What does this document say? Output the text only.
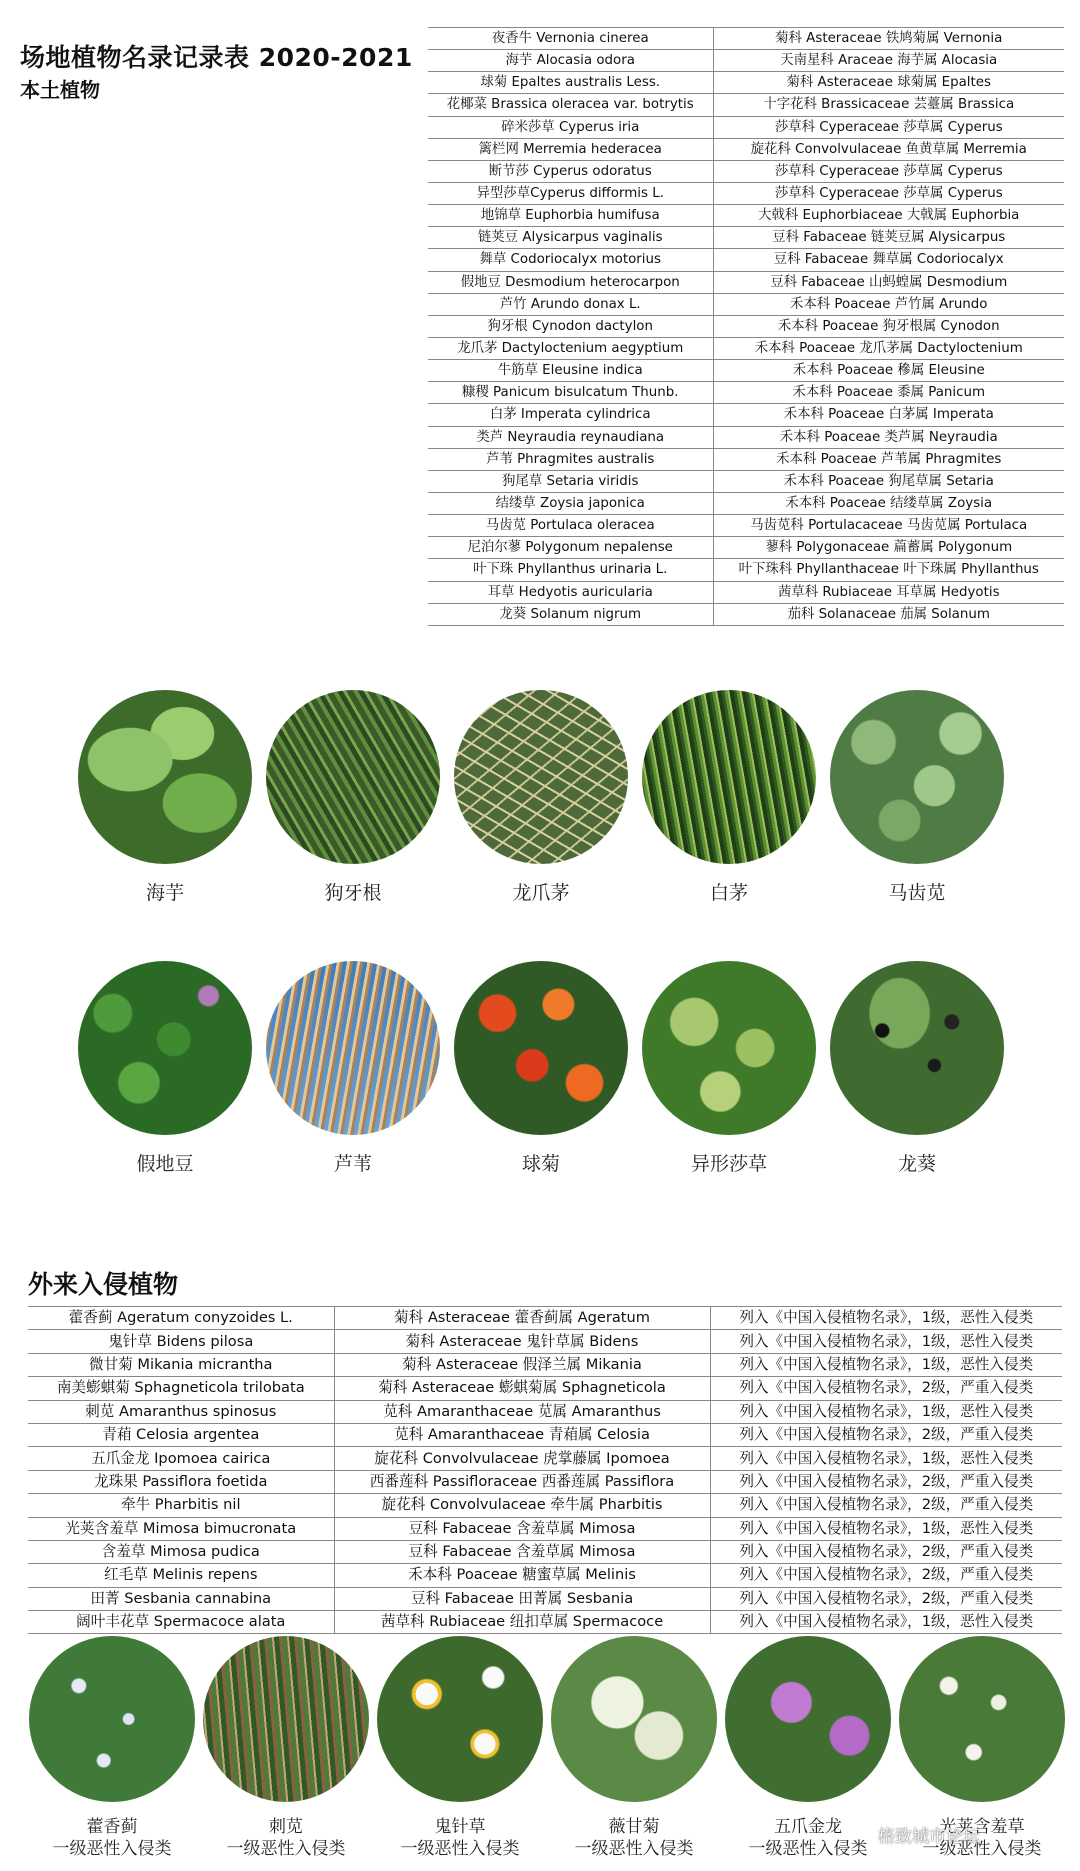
场地植物名录记录表 2020-2021
本土植物
夜香牛 Vernonia cinerea	菊科 Asteraceae 铁鸠菊属 Vernonia
海芋 Alocasia odora	天南星科 Araceae 海芋属 Alocasia
球菊 Epaltes australis Less.	菊科 Asteraceae 球菊属 Epaltes
花椰菜 Brassica oleracea var. botrytis	十字花科 Brassicaceae 芸薹属 Brassica
碎米莎草 Cyperus iria	莎草科 Cyperaceae 莎草属 Cyperus
篱栏网 Merremia hederacea	旋花科 Convolvulaceae 鱼黄草属 Merremia
断节莎 Cyperus odoratus	莎草科 Cyperaceae 莎草属 Cyperus
异型莎草Cyperus difformis L.	莎草科 Cyperaceae 莎草属 Cyperus
地锦草 Euphorbia humifusa	大戟科 Euphorbiaceae 大戟属 Euphorbia
链荚豆 Alysicarpus vaginalis	豆科 Fabaceae 链荚豆属 Alysicarpus
舞草 Codoriocalyx motorius	豆科 Fabaceae 舞草属 Codoriocalyx
假地豆 Desmodium heterocarpon	豆科 Fabaceae 山蚂蝗属 Desmodium
芦竹 Arundo donax L.	禾本科 Poaceae 芦竹属 Arundo
狗牙根 Cynodon dactylon	禾本科 Poaceae 狗牙根属 Cynodon
龙爪茅 Dactyloctenium aegyptium	禾本科 Poaceae 龙爪茅属 Dactyloctenium
牛筋草 Eleusine indica	禾本科 Poaceae 穇属 Eleusine
糠稷 Panicum bisulcatum Thunb.	禾本科 Poaceae 黍属 Panicum
白茅 Imperata cylindrica	禾本科 Poaceae 白茅属 Imperata
类芦 Neyraudia reynaudiana	禾本科 Poaceae 类芦属 Neyraudia
芦苇 Phragmites australis	禾本科 Poaceae 芦苇属 Phragmites
狗尾草 Setaria viridis	禾本科 Poaceae 狗尾草属 Setaria
结缕草 Zoysia japonica	禾本科 Poaceae 结缕草属 Zoysia
马齿苋 Portulaca oleracea	马齿苋科 Portulacaceae 马齿苋属 Portulaca
尼泊尔蓼 Polygonum nepalense	蓼科 Polygonaceae 萹蓄属 Polygonum
叶下珠 Phyllanthus urinaria L.	叶下珠科 Phyllanthaceae 叶下珠属 Phyllanthus
耳草 Hedyotis auricularia	茜草科 Rubiaceae 耳草属 Hedyotis
龙葵 Solanum nigrum	茄科 Solanaceae 茄属 Solanum
海芋	狗牙根	龙爪茅	白茅	马齿苋
假地豆	芦苇	球菊	异形莎草	龙葵
外来入侵植物
藿香蓟 Ageratum conyzoides L.	菊科 Asteraceae 藿香蓟属 Ageratum	列入《中国入侵植物名录》，1级，恶性入侵类
鬼针草 Bidens pilosa	菊科 Asteraceae 鬼针草属 Bidens	列入《中国入侵植物名录》，1级，恶性入侵类
微甘菊 Mikania micrantha	菊科 Asteraceae 假泽兰属 Mikania	列入《中国入侵植物名录》，1级，恶性入侵类
南美蟛蜞菊 Sphagneticola trilobata	菊科 Asteraceae 蟛蜞菊属 Sphagneticola	列入《中国入侵植物名录》，2级，严重入侵类
刺苋 Amaranthus spinosus	苋科 Amaranthaceae 苋属 Amaranthus	列入《中国入侵植物名录》，1级，恶性入侵类
青葙 Celosia argentea	苋科 Amaranthaceae 青葙属 Celosia	列入《中国入侵植物名录》，2级，严重入侵类
五爪金龙 Ipomoea cairica	旋花科 Convolvulaceae 虎掌藤属 Ipomoea	列入《中国入侵植物名录》，1级，恶性入侵类
龙珠果 Passiflora foetida	西番莲科 Passifloraceae 西番莲属 Passiflora	列入《中国入侵植物名录》，2级，严重入侵类
牵牛 Pharbitis nil	旋花科 Convolvulaceae 牵牛属 Pharbitis	列入《中国入侵植物名录》，2级，严重入侵类
光荚含羞草 Mimosa bimucronata	豆科 Fabaceae 含羞草属 Mimosa	列入《中国入侵植物名录》，1级，恶性入侵类
含羞草 Mimosa pudica	豆科 Fabaceae 含羞草属 Mimosa	列入《中国入侵植物名录》，2级，严重入侵类
红毛草 Melinis repens	禾本科 Poaceae 糖蜜草属 Melinis	列入《中国入侵植物名录》，2级，严重入侵类
田菁 Sesbania cannabina	豆科 Fabaceae 田菁属 Sesbania	列入《中国入侵植物名录》，2级，严重入侵类
阔叶丰花草 Spermacoce alata	茜草科 Rubiaceae 纽扣草属 Spermacoce	列入《中国入侵植物名录》，1级，恶性入侵类
藿香蓟
一级恶性入侵类
刺苋
一级恶性入侵类
鬼针草
一级恶性入侵类
薇甘菊
一级恶性入侵类
五爪金龙
一级恶性入侵类
光荚含羞草
一级恶性入侵类
格致城市论坛
